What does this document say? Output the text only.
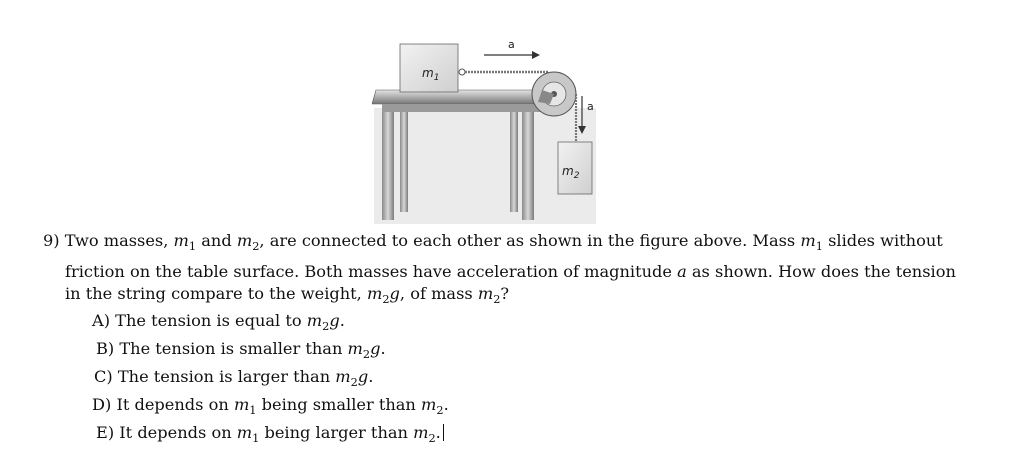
$m_1$
$m_2$
a
a
9) Two masses, $m_1$ and $m_2$, are connected to each other as shown in the figure above. Mass $m_1$ slides without
friction on the table surface. Both masses have acceleration of magnitude a as shown. How does the tension
in the string compare to the weight, $m_2g$, of mass $m_2$?
A) The tension is equal to $m_2g$.
B) The tension is smaller than $m_2g$.
C) The tension is larger than $m_2g$.
D) It depends on $m_1$ being smaller than $m_2$.
E) It depends on $m_1$ being larger than $m_2$.
